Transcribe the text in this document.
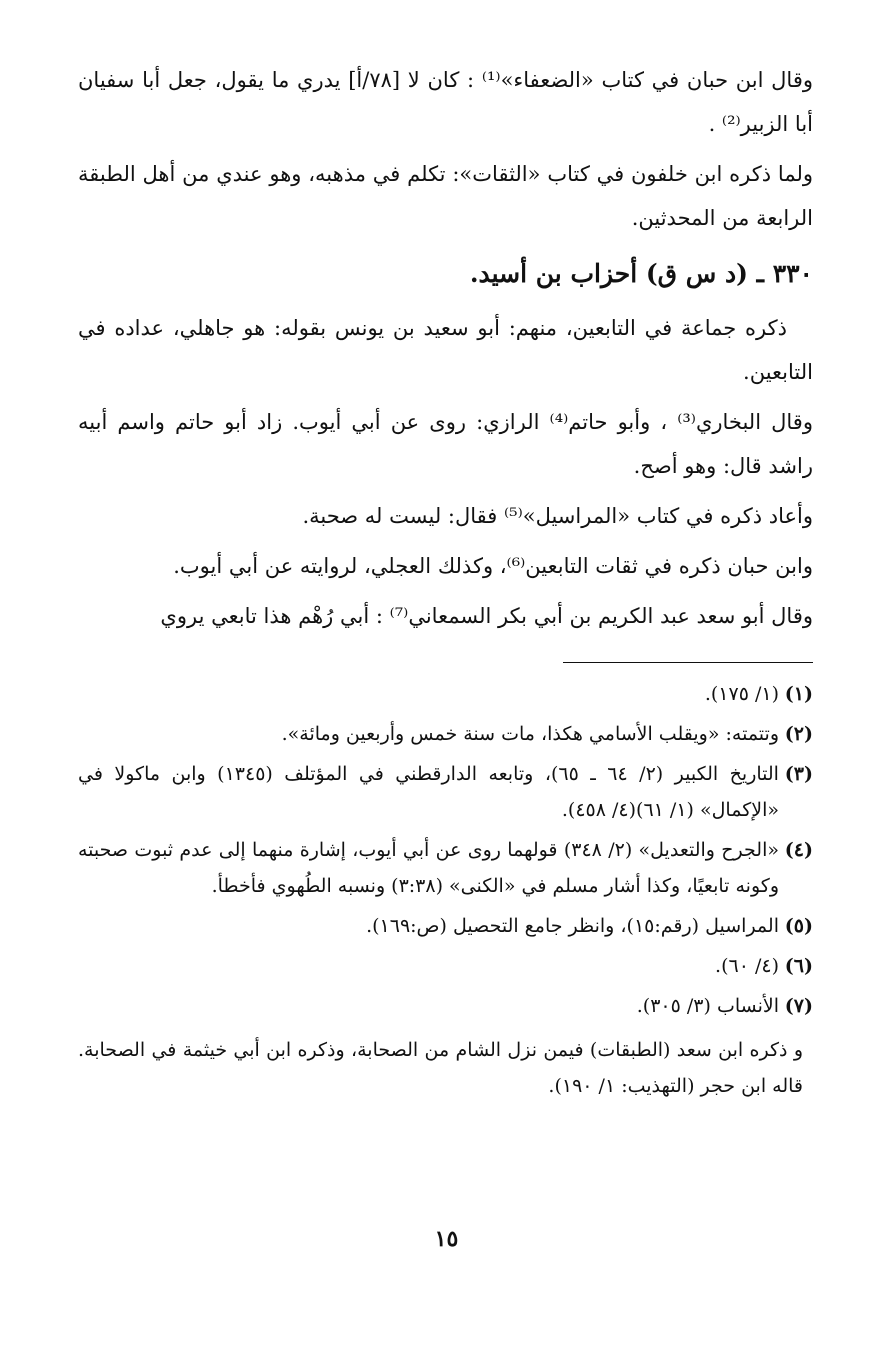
وقال ابن حبان في كتاب «الضعفاء»⁽¹⁾ : كان لا [٧٨/أ] يدري ما يقول، جعل أبا سفيان أبا الزبير⁽²⁾ .

ولما ذكره ابن خلفون في كتاب «الثقات»: تكلم في مذهبه، وهو عندي من أهل الطبقة الرابعة من المحدثين.

٣٣٠ ـ (د س ق) أحزاب بن أسيد.

ذكره جماعة في التابعين، منهم: أبو سعيد بن يونس بقوله: هو جاهلي، عداده في التابعين.

وقال البخاري⁽³⁾ ، وأبو حاتم⁽⁴⁾ الرازي: روى عن أبي أيوب. زاد أبو حاتم واسم أبيه راشد قال: وهو أصح.

وأعاد ذكره في كتاب «المراسيل»⁽⁵⁾ فقال: ليست له صحبة.

وابن حبان ذكره في ثقات التابعين⁽⁶⁾، وكذلك العجلي، لروايته عن أبي أيوب.

وقال أبو سعد عبد الكريم بن أبي بكر السمعاني⁽⁷⁾ : أبي رُهْم هذا تابعي يروي

(١)
(١/ ١٧٥).
(٢)
وتتمته: «ويقلب الأسامي هكذا، مات سنة خمس وأربعين ومائة».
(٣)
التاريخ الكبير (٢/ ٦٤ ـ ٦٥)، وتابعه الدارقطني في المؤتلف (١٣٤٥) وابن ماكولا في «الإكمال» (١/ ٦١)(٤/ ٤٥٨).
(٤)
«الجرح والتعديل» (٢/ ٣٤٨) قولهما روى عن أبي أيوب، إشارة منهما إلى عدم ثبوت صحبته وكونه تابعيًا، وكذا أشار مسلم في «الكنى» (٣:٣٨) ونسبه الطُهوي فأخطأ.
(٥)
المراسيل (رقم:١٥)، وانظر جامع التحصيل (ص:١٦٩).
(٦)
(٤/ ٦٠).
(٧)
الأنساب (٣/ ٣٠٥).

و ذكره ابن سعد (الطبقات) فيمن نزل الشام من الصحابة، وذكره ابن أبي خيثمة في الصحابة. قاله ابن حجر (التهذيب: ١/ ١٩٠).

١٥
